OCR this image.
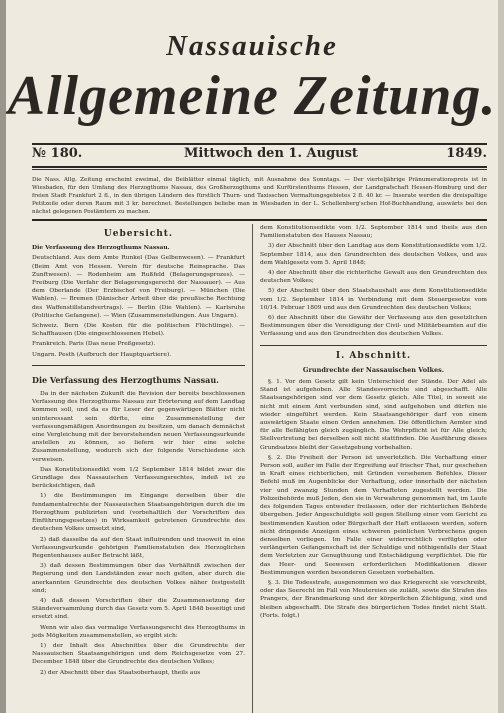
Nassauische
Allgemeine Zeitung.
№ 180.	Mittwoch den 1. August	1849.
Die Nass. Allg. Zeitung erscheint zweimal, die Beiblätter einmal täglich, mit Ausnahme des Sonntags. — Der vierteljährige Pränumerationspreis ist in Wiesbaden, für den Umfang des Herzogthums Nassau, des Großherzogthums und Kurfürstenthums Hessen, der Landgrafschaft Hessen-Homburg und der freien Stadt Frankfurt 2 fl., in den übrigen Ländern des fürstlich Thurn- und Taxisschen Vermaltungsgebietes 2 fl. 40 kr. — Inserate werden die dreispaltige Petitzeile oder deren Raum mit 3 kr. berechnet. Bestellungen beliebe man in Wiesbaden in der L. Schellenberg'schen Hof-Buchhandlung, auswärts bei den nächst gelegenen Postämtern zu machen.
Uebersicht.

Die Verfassung des Herzogthums Nassau.

Deutschland. Aus dem Amte Runkel (Das Gelbenwesen). — Frankfurt (Beim Amt von Hessen. Verein für deutsche Reinsprache. Das Zunftwesen). — Rodenheim am Rußfeld (Belagerungsprozes). — Freiburg (Die Verfahr der Belagerungsgerecht der Nassauer). — Aus dem Oberlande (Der Erzbischof von Freiburg). — München (Die Wahlen). — Bremen (Dänischer Arbeit über die preußische Rechtung des Waffenstillstandvertrags). — Berlin (Die Wahlen). — Karlsruhe (Politische Gefangene). — Wien (Zusammenstellungen. Aus Ungarn).

Schweiz. Bern (Die Kosten für die politischen Flüchtlinge). — Schaffhausen (Die eingeschlossenen Hebel).

Frankreich. Paris (Das neue Preßgesetz).

Ungarn. Pesth (Aufbruch der Hauptquartiere).

Die Verfassung des Herzogthums Nassau.

Da in der nächsten Zukunft die Revision der bereits beschlossenen Verfassung des Herzogthums Nassau zur Erörterung auf dem Landtag kommen soll, und da es für Leser der gegenwärtigen Blätter nicht uninteressant sein dürfte, eine Zusammenstellung der verfassungsmäßigen Anordnungen zu besitzen, um danach demnächst eine Vergleichung mit der bevorstehenden neuen Verfassungsurkunde anstellen zu können, so liefern wir hier eine solche Zusammenstellung, wodurch sich der folgende Verschiedene sich verweisen.

Das Konstitutionsedikt vom 1/2 September 1814 bildet zwar die Grundlage des Nassauischen Verfassungsrechtes, indeß ist zu berücksichtigen, daß

1) die Bestimmungen im Eingange derselben über die fundamentalrechte der Nassauischen Staatsangehörigen durch die im Herzogthum publizirten und (vorbehaltlich der Vorschriften des Einführungsgesetzes) in Wirksamkeit getretenen Grundrechte des deutschen Volkes umsetzt sind,

2) daß dasselbe da auf den Staat influirenden und insoweit in eine Verfassungsurkunde gehörigen Familienstatuten des Herzoglichen Regentenhauses außer Betracht läßt,

3) daß dessen Bestimmungen über das Verhältniß zwischen der Regierung und den Landständen zwar noch gelten, aber durch die anerkannten Grundrechte des deutschen Volkes näher festgestellt sind;

4) daß dessen Vorschriften über die Zusammensetzung der Ständeversammlung durch das Gesetz vom 5. April 1848 beseitigt und ersetzt sind.

Wenn wir also das vermalige Verfassungsrecht des Herzogthums in jeds Mögkeiten zusammenstellen, so ergibt sich:

1) der Inhalt des Abschnittes über die Grundrechte der Nassauischen Staatsangehörigen und dem Reichsgesetze vom 27. December 1848 über die Grundrechte des deutschen Volkes;

2) der Abschnitt über das Staatsoberhaupt, theils aus

dem Konstitutionsedikte vom 1/2. September 1814 und theils aus den Familienstatuten des Hauses Nassau;

3) der Abschnitt über den Landtag aus dem Konstitutionsedikte vom 1/2. September 1814, aus den Grundrechten des deutschen Volkes, und aus dem Wahlgesetz vom 5. April 1848;

4) der Abschnitt über die richterliche Gewalt aus den Grundrechten des deutschen Volkes;

5) der Abschnitt über den Staatshaushalt aus dem Konstitutionsedikte vom 1/2. September 1814 in Verbindung mit dem Steuergesetze vom 10/14. Februar 1809 und aus den Grundrechten des deutschen Volkes;

6) der Abschnitt über die Gewähr der Verfassung aus den gesetzlichen Bestimmungen über die Vereidigung der Civil- und Militärbeamten auf die Verfassung und aus den Grundrechten des deutschen Volkes.

I. Abschnitt.
Grundrechte der Nassauischen Volkes.

§. 1. Vor dem Gesetz gilt kein Unterschied der Stände. Der Adel als Stand ist aufgehoben. Alle Standesvorrechte sind abgeschafft. Alle Staatsangehörigen sind vor dem Gesetz gleich. Alle Titel, in soweit sie nicht mit einem Amt verbunden sind, sind aufgehoben und dürfen nie wieder eingeführt werden. Kein Staatsangehöriger darf von einem auswärtigen Staate einen Orden annehmen. Die öffentlichen Aemter sind für alle Befähigten gleich zugänglich. Die Wehrpflicht ist für Alle gleich; Stellvertretung bei derselben soll nicht stattfinden. Die Ausführung dieses Grundsatzes bleibt der Gesetzgebung vorbehalten.

§. 2. Die Freiheit der Person ist unverletzlich. Die Verhaftung einer Person soll, außer im Falle der Ergreifung auf frischer That, nur geschehen in Kraft eines richterlichen, mit Gründen versehenen Befehles. Dieser Befehl muß im Augenblicke der Verhaftung, oder innerhalb der nächsten vier und zwanzig Stunden dem Verhafteten zugestellt werden. Die Polizeibehörde muß Jeden, den sie in Verwahrung genommen hat, im Laufe des folgenden Tages entweder freilassen, oder der richterlichen Behörde übergeben. Jeder Angeschuldigte soll gegen Stellung einer vom Gericht zu bestimmenden Kaution oder Bürgschaft der Haft entlassen werden, sofern nicht dringende Anzeigen eines schweren peinlichen Verbrechens gegen denselben vorliegen. Im Falle einer widerrechtlich verfügten oder verlängerten Gefangenschaft ist der Schuldige und nöthigenfalls der Staat dem Verletzten zur Genugthuung und Entschädigung verpflichtet. Die für das Heer- und Seewesen erforderlichen Modifikationen dieser Bestimmungen werden besonderen Gesetzen vorbehalten.

§. 3. Die Todesstrafe, ausgenommen wo das Kriegsrecht sie vorschreibt, oder das Seerecht im Fall von Meutereien sie zuläßt, sowie die Strafen des Prangers, der Brandmarkung und der körperlichen Züchtigung, sind und bleiben abgeschafft. Die Strafe des bürgerlichen Todes findet nicht Statt. (Forts. folgt.)
